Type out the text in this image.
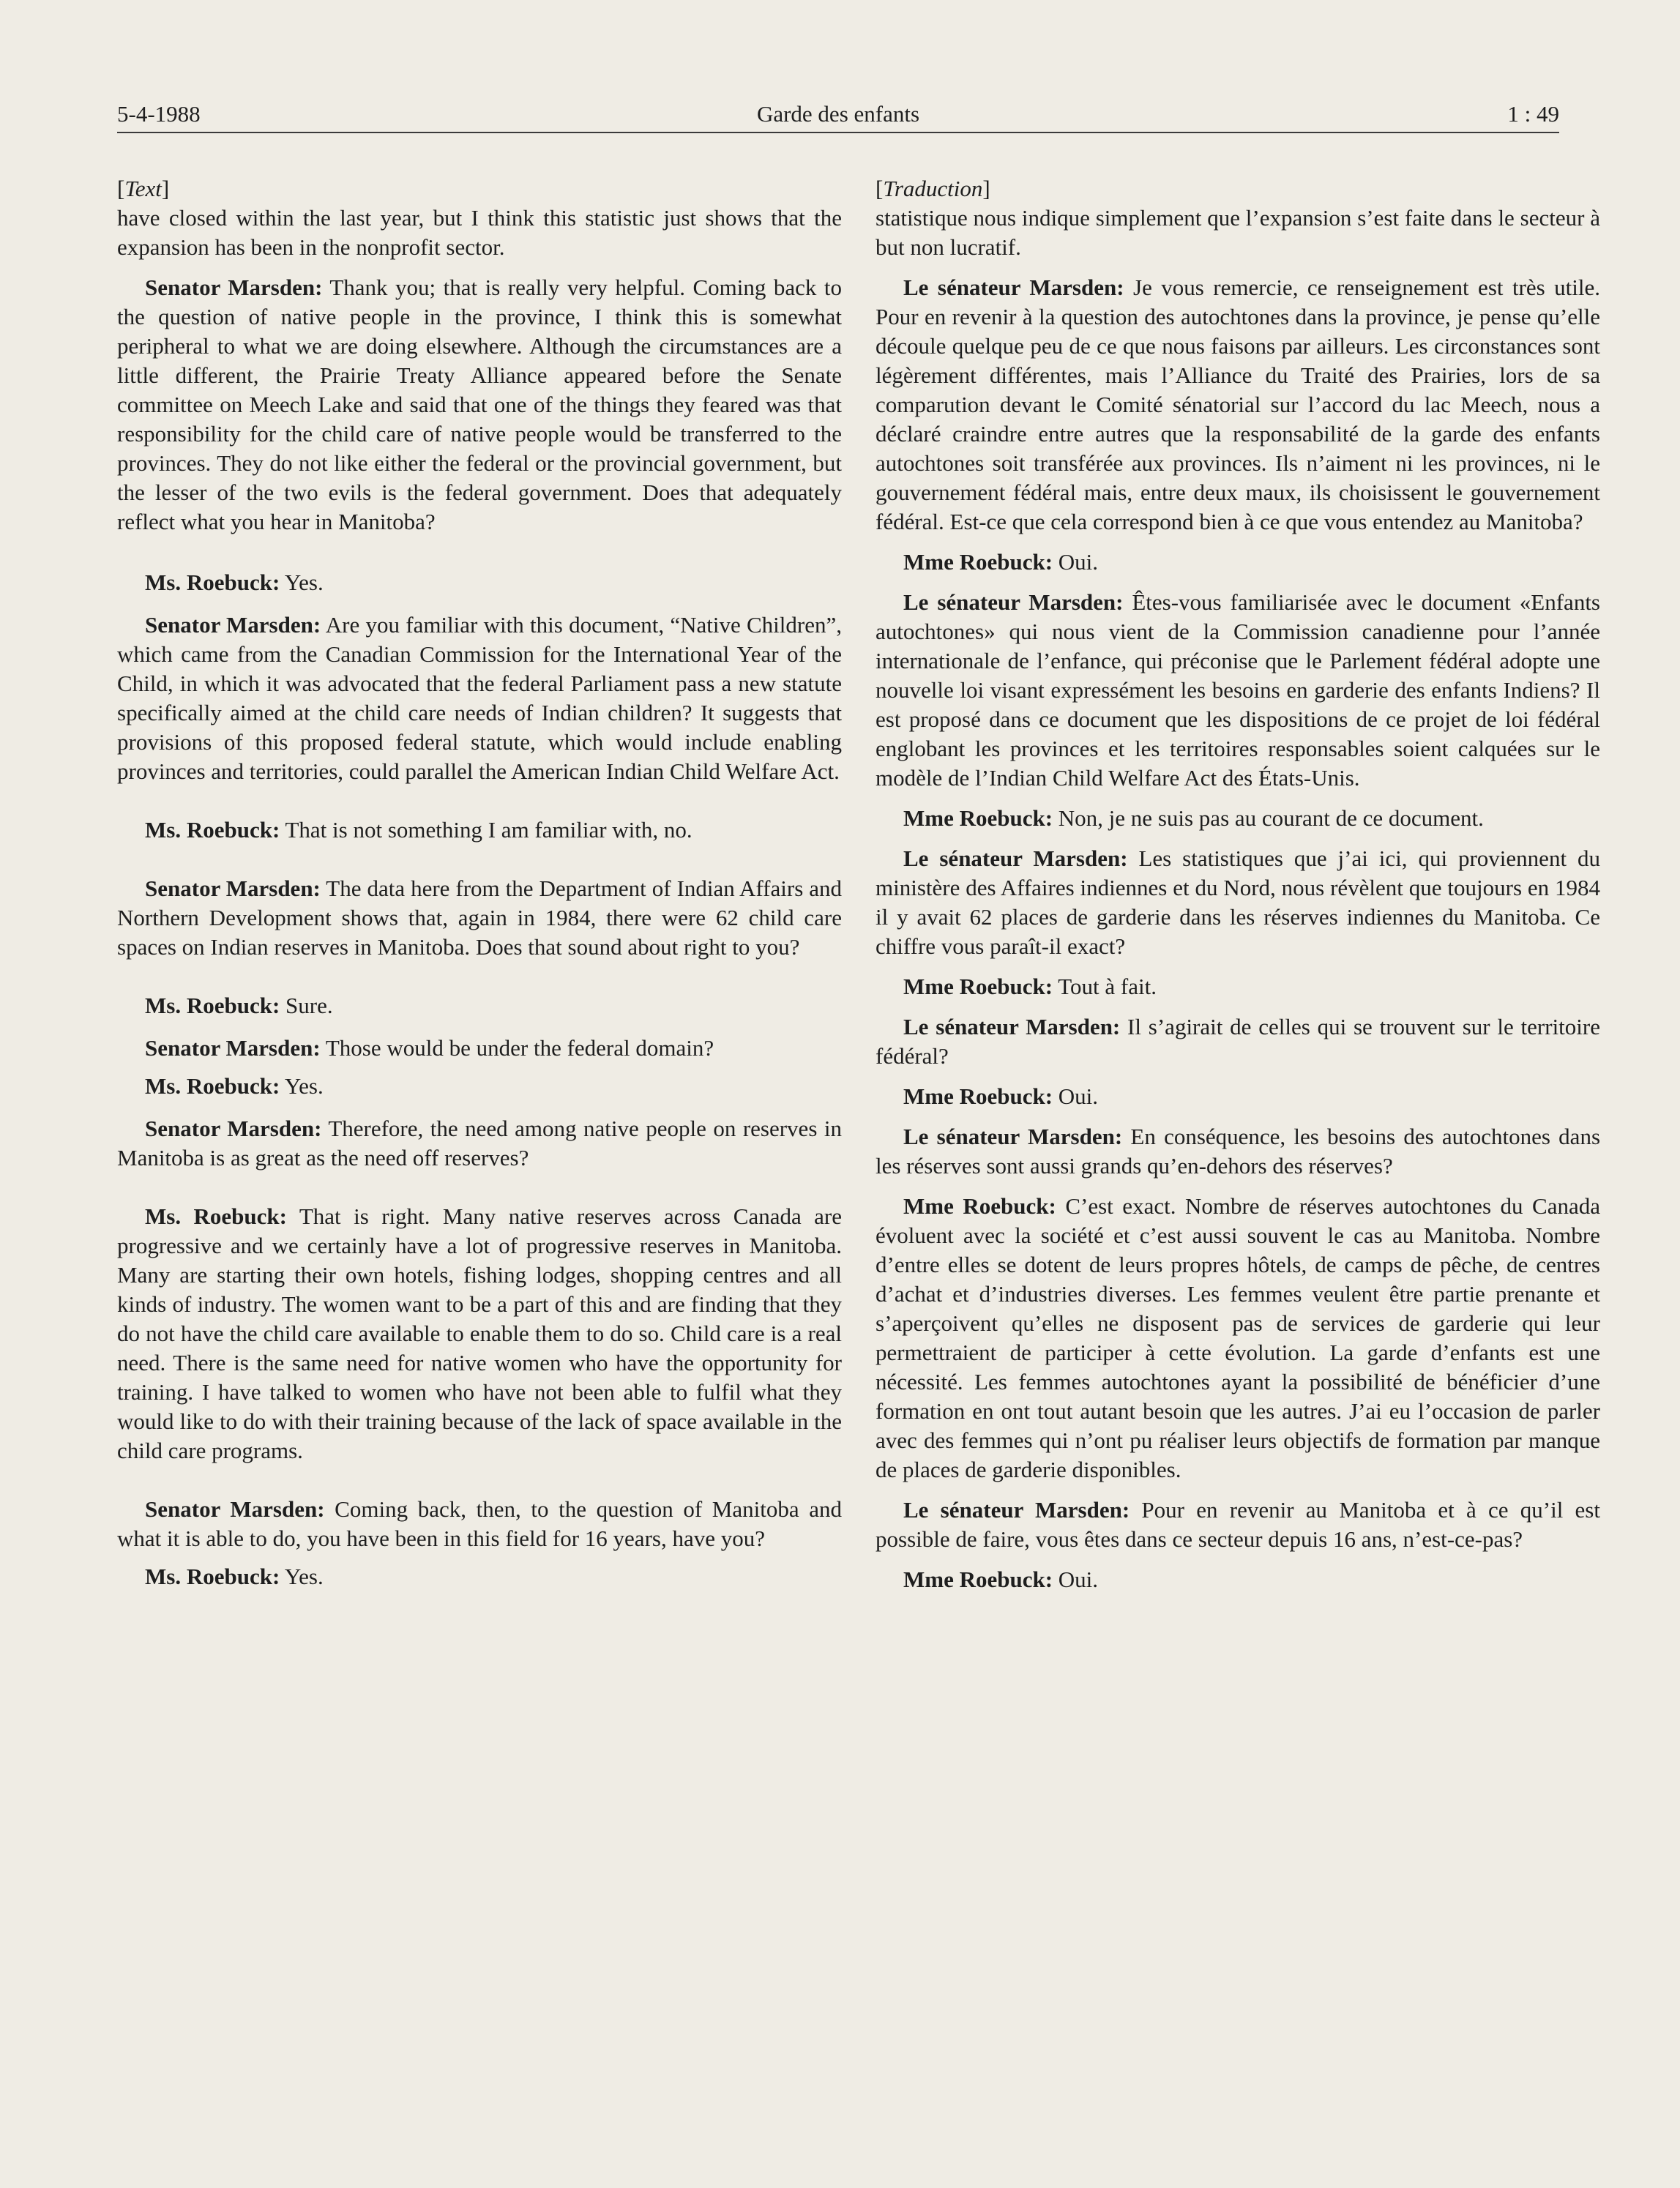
5-4-1988	Garde des enfants	1 : 49
[ Text ]

have closed within the last year, but I think this statistic just shows that the expansion has been in the nonprofit sector.

Senator Marsden: Thank you; that is really very helpful. Coming back to the question of native people in the province, I think this is somewhat peripheral to what we are doing elsewhere. Although the circumstances are a little different, the Prairie Treaty Alliance appeared before the Senate committee on Meech Lake and said that one of the things they feared was that responsibility for the child care of native people would be transferred to the provinces. They do not like either the federal or the provincial government, but the lesser of the two evils is the federal government. Does that adequately reflect what you hear in Manitoba?

Ms. Roebuck: Yes.

Senator Marsden: Are you familiar with this document, “Native Children”, which came from the Canadian Commission for the International Year of the Child, in which it was advocated that the federal Parliament pass a new statute specifically aimed at the child care needs of Indian children? It suggests that provisions of this proposed federal statute, which would include enabling provinces and territories, could parallel the American Indian Child Welfare Act.

Ms. Roebuck: That is not something I am familiar with, no.

Senator Marsden: The data here from the Department of Indian Affairs and Northern Development shows that, again in 1984, there were 62 child care spaces on Indian reserves in Manitoba. Does that sound about right to you?

Ms. Roebuck: Sure.

Senator Marsden: Those would be under the federal domain?

Ms. Roebuck: Yes.

Senator Marsden: Therefore, the need among native people on reserves in Manitoba is as great as the need off reserves?

Ms. Roebuck: That is right. Many native reserves across Canada are progressive and we certainly have a lot of progressive reserves in Manitoba. Many are starting their own hotels, fishing lodges, shopping centres and all kinds of industry. The women want to be a part of this and are finding that they do not have the child care available to enable them to do so. Child care is a real need. There is the same need for native women who have the opportunity for training. I have talked to women who have not been able to fulfil what they would like to do with their training because of the lack of space available in the child care programs.

Senator Marsden: Coming back, then, to the question of Manitoba and what it is able to do, you have been in this field for 16 years, have you?

Ms. Roebuck: Yes.

[ Traduction ]

statistique nous indique simplement que l’expansion s’est faite dans le secteur à but non lucratif.

Le sénateur Marsden: Je vous remercie, ce renseignement est très utile. Pour en revenir à la question des autochtones dans la province, je pense qu’elle découle quelque peu de ce que nous faisons par ailleurs. Les circonstances sont légèrement différentes, mais l’Alliance du Traité des Prairies, lors de sa comparution devant le Comité sénatorial sur l’accord du lac Meech, nous a déclaré craindre entre autres que la responsabilité de la garde des enfants autochtones soit transférée aux provinces. Ils n’aiment ni les provinces, ni le gouvernement fédéral mais, entre deux maux, ils choisissent le gouvernement fédéral. Est-ce que cela correspond bien à ce que vous entendez au Manitoba?

Mme Roebuck: Oui.

Le sénateur Marsden: Êtes-vous familiarisée avec le document «Enfants autochtones» qui nous vient de la Commission canadienne pour l’année internationale de l’enfance, qui préconise que le Parlement fédéral adopte une nouvelle loi visant expressément les besoins en garderie des enfants Indiens? Il est proposé dans ce document que les dispositions de ce projet de loi fédéral englobant les provinces et les territoires responsables soient calquées sur le modèle de l’Indian Child Welfare Act des États-Unis.

Mme Roebuck: Non, je ne suis pas au courant de ce document.

Le sénateur Marsden: Les statistiques que j’ai ici, qui proviennent du ministère des Affaires indiennes et du Nord, nous révèlent que toujours en 1984 il y avait 62 places de garderie dans les réserves indiennes du Manitoba. Ce chiffre vous paraît-il exact?

Mme Roebuck: Tout à fait.

Le sénateur Marsden: Il s’agirait de celles qui se trouvent sur le territoire fédéral?

Mme Roebuck: Oui.

Le sénateur Marsden: En conséquence, les besoins des autochtones dans les réserves sont aussi grands qu’en-dehors des réserves?

Mme Roebuck: C’est exact. Nombre de réserves autochtones du Canada évoluent avec la société et c’est aussi souvent le cas au Manitoba. Nombre d’entre elles se dotent de leurs propres hôtels, de camps de pêche, de centres d’achat et d’industries diverses. Les femmes veulent être partie prenante et s’aperçoivent qu’elles ne disposent pas de services de garderie qui leur permettraient de participer à cette évolution. La garde d’enfants est une nécessité. Les femmes autochtones ayant la possibilité de bénéficier d’une formation en ont tout autant besoin que les autres. J’ai eu l’occasion de parler avec des femmes qui n’ont pu réaliser leurs objectifs de formation par manque de places de garderie disponibles.

Le sénateur Marsden: Pour en revenir au Manitoba et à ce qu’il est possible de faire, vous êtes dans ce secteur depuis 16 ans, n’est-ce-pas?

Mme Roebuck: Oui.
